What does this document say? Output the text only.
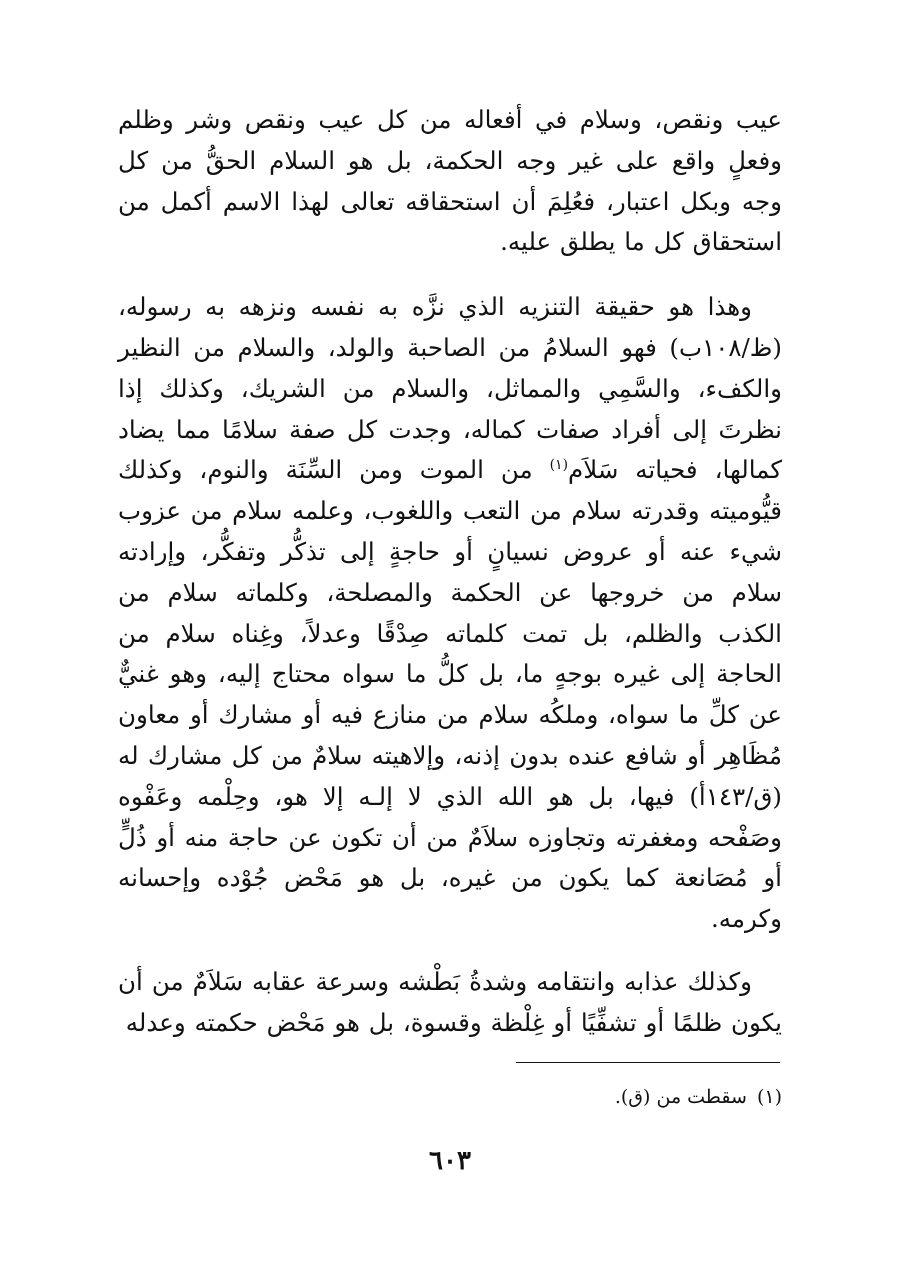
عيب ونقص، وسلام في أفعاله من كل عيب ونقص وشر وظلم وفعلٍ واقع على غير وجه الحكمة، بل هو السلام الحقُّ من كل وجه وبكل اعتبار، فعُلِمَ أن استحقاقه تعالى لهذا الاسم أكمل من استحقاق كل ما يطلق عليه.

وهذا هو حقيقة التنزيه الذي نزَّه به نفسه ونزهه به رسوله، (ظ/١٠٨ب) فهو السلامُ من الصاحبة والولد، والسلام من النظير والكفء، والسَّمِي والمماثل، والسلام من الشريك، وكذلك إذا نظرتَ إلى أفراد صفات كماله، وجدت كل صفة سلامًا مما يضاد كمالها، فحياته سَلاَم$^{(١)}$ من الموت ومن السِّنَة والنوم، وكذلك قيُّوميته وقدرته سلام من التعب واللغوب، وعلمه سلام من عزوب شيء عنه أو عروض نسيانٍ أو حاجةٍ إلى تذكُّر وتفكُّر، وإرادته سلام من خروجها عن الحكمة والمصلحة، وكلماته سلام من الكذب والظلم، بل تمت كلماته صِدْقًا وعدلاً، وغِناه سلام من الحاجة إلى غيره بوجهٍ ما، بل كلُّ ما سواه محتاج إليه، وهو غنيٌّ عن كلِّ ما سواه، وملكُه سلام من منازع فيه أو مشارك أو معاون مُظَاهِر أو شافع عنده بدون إذنه، وإلاهيته سلامٌ من كل مشارك له (ق/١٤٣أ) فيها، بل هو الله الذي لا إلـه إلا هو، وحِلْمه وعَفْوه وصَفْحه ومغفرته وتجاوزه سلاَمٌ من أن تكون عن حاجة منه أو ذُلٍّ أو مُصَانعة كما يكون من غيره، بل هو مَحْض جُوْده وإحسانه وكرمه.

وكذلك عذابه وانتقامه وشدةُ بَطْشه وسرعة عقابه سَلاَمٌ من أن يكون ظلمًا أو تشفِّيًا أو غِلْظة وقسوة، بل هو مَحْض حكمته وعدله

(١)سقطت من (ق).
٦٠٣
